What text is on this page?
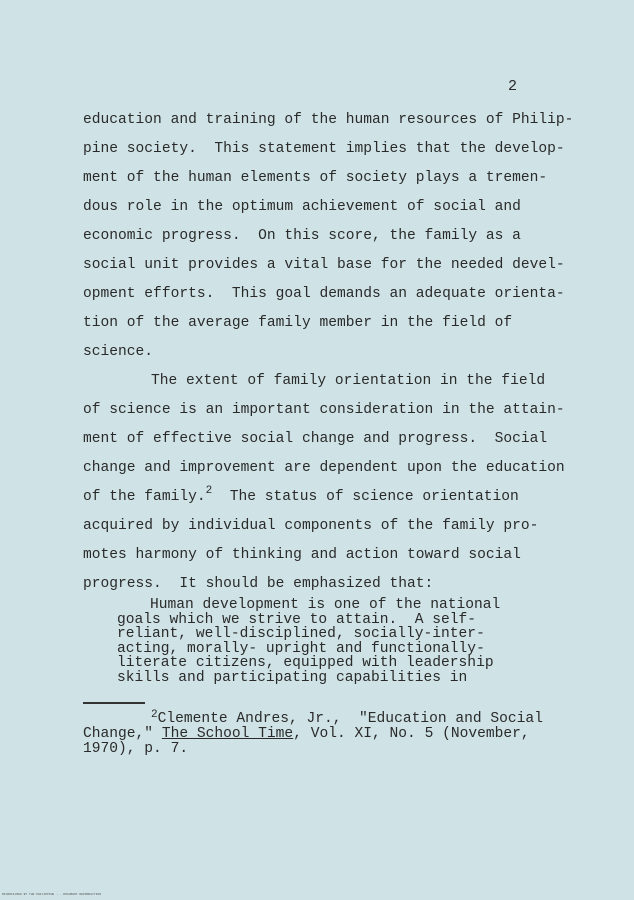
2
education and training of the human resources of Philip-
pine society.  This statement implies that the develop-
ment of the human elements of society plays a tremen-
dous role in the optimum achievement of social and
economic progress.  On this score, the family as a
social unit provides a vital base for the needed devel-
opment efforts.  This goal demands an adequate orienta-
tion of the average family member in the field of
science.
The extent of family orientation in the field
of science is an important consideration in the attain-
ment of effective social change and progress.  Social
change and improvement are dependent upon the education
of the family.$^2$  The status of science orientation
acquired by individual components of the family pro-
motes harmony of thinking and action toward social
progress.  It should be emphasized that:
Human development is one of the national
goals which we strive to attain.  A self-
reliant, well-disciplined, socially-inter-
acting, morally- upright and functionally-
literate citizens, equipped with leadership
skills and participating capabilities in
$^2$Clemente Andres, Jr.,  "Education and Social
Change," The School Time, Vol. XI, No. 5 (November,
1970), p. 7.
MICROFILMED BY THE PHILIPPINE ... DOCUMENT REPRODUCTION
